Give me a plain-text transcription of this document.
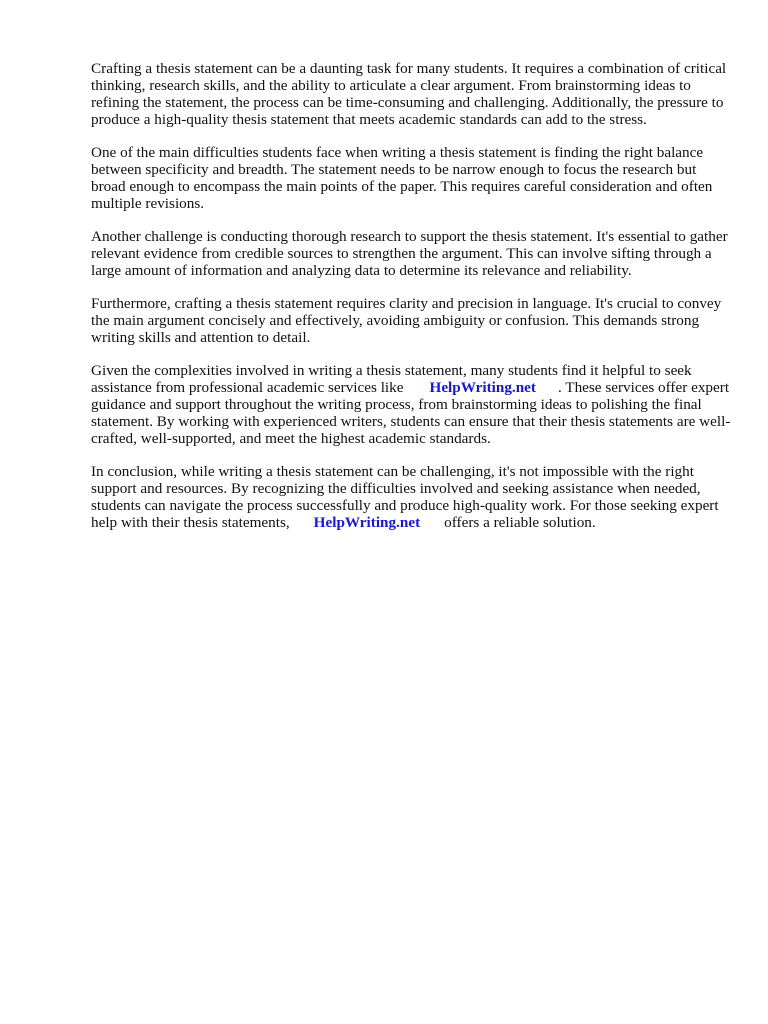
Crafting a thesis statement can be a daunting task for many students. It requires a combination of critical thinking, research skills, and the ability to articulate a clear argument. From brainstorming ideas to refining the statement, the process can be time-consuming and challenging. Additionally, the pressure to produce a high-quality thesis statement that meets academic standards can add to the stress.

One of the main difficulties students face when writing a thesis statement is finding the right balance between specificity and breadth. The statement needs to be narrow enough to focus the research but broad enough to encompass the main points of the paper. This requires careful consideration and often multiple revisions.

Another challenge is conducting thorough research to support the thesis statement. It's essential to gather relevant evidence from credible sources to strengthen the argument. This can involve sifting through a large amount of information and analyzing data to determine its relevance and reliability.

Furthermore, crafting a thesis statement requires clarity and precision in language. It's crucial to convey the main argument concisely and effectively, avoiding ambiguity or confusion. This demands strong writing skills and attention to detail.

Given the complexities involved in writing a thesis statement, many students find it helpful to seek assistance from professional academic services like HelpWriting.net . These services offer expert guidance and support throughout the writing process, from brainstorming ideas to polishing the final statement. By working with experienced writers, students can ensure that their thesis statements are well-crafted, well-supported, and meet the highest academic standards.

In conclusion, while writing a thesis statement can be challenging, it's not impossible with the right support and resources. By recognizing the difficulties involved and seeking assistance when needed, students can navigate the process successfully and produce high-quality work. For those seeking expert help with their thesis statements, HelpWriting.net offers a reliable solution.
